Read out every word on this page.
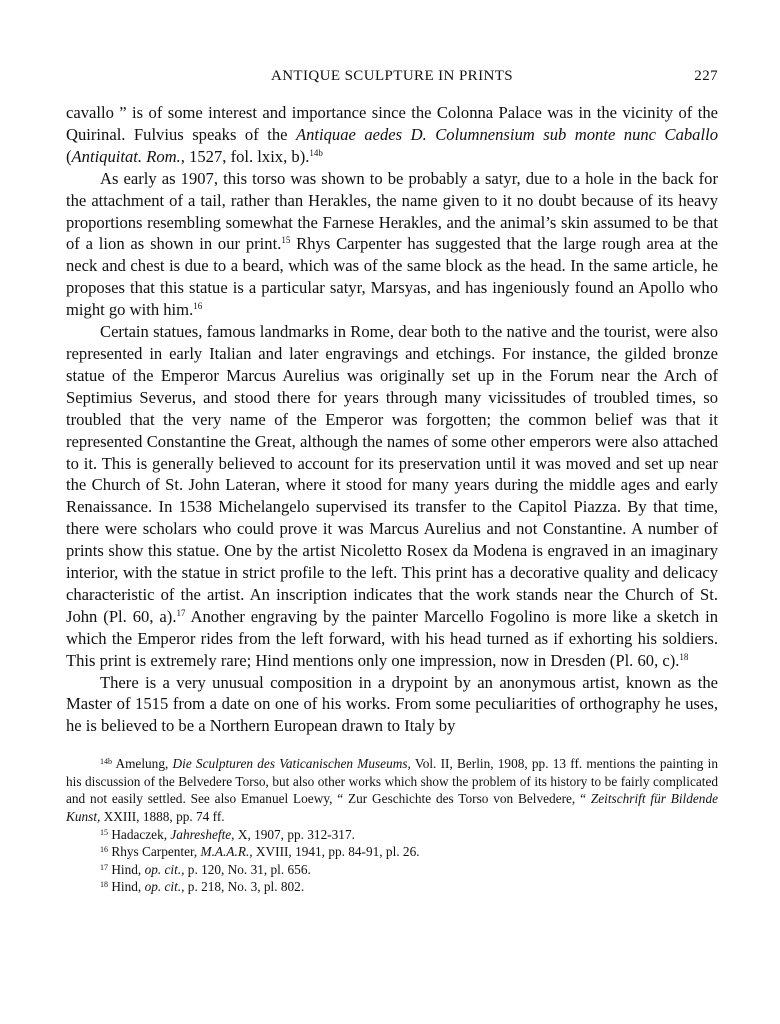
ANTIQUE SCULPTURE IN PRINTS	227

cavallo ” is of some interest and importance since the Colonna Palace was in the vicinity of the Quirinal. Fulvius speaks of the Antiquae aedes D. Columnensium sub monte nunc Caballo (Antiquitat. Rom., 1527, fol. lxix, b).$^{14b}$

As early as 1907, this torso was shown to be probably a satyr, due to a hole in the back for the attachment of a tail, rather than Herakles, the name given to it no doubt because of its heavy proportions resembling somewhat the Farnese Herakles, and the animal’s skin assumed to be that of a lion as shown in our print.$^{15}$ Rhys Carpenter has suggested that the large rough area at the neck and chest is due to a beard, which was of the same block as the head. In the same article, he proposes that this statue is a particular satyr, Marsyas, and has ingeniously found an Apollo who might go with him.$^{16}$

Certain statues, famous landmarks in Rome, dear both to the native and the tourist, were also represented in early Italian and later engravings and etchings. For instance, the gilded bronze statue of the Emperor Marcus Aurelius was originally set up in the Forum near the Arch of Septimius Severus, and stood there for years through many vicissitudes of troubled times, so troubled that the very name of the Emperor was forgotten; the common belief was that it represented Constantine the Great, although the names of some other emperors were also attached to it. This is generally believed to account for its preservation until it was moved and set up near the Church of St. John Lateran, where it stood for many years during the middle ages and early Renaissance. In 1538 Michelangelo supervised its transfer to the Capitol Piazza. By that time, there were scholars who could prove it was Marcus Aurelius and not Constantine. A number of prints show this statue. One by the artist Nicoletto Rosex da Modena is engraved in an imaginary interior, with the statue in strict profile to the left. This print has a decorative quality and delicacy characteristic of the artist. An inscription indicates that the work stands near the Church of St. John (Pl. 60, a).$^{17}$ Another engraving by the painter Marcello Fogolino is more like a sketch in which the Emperor rides from the left forward, with his head turned as if exhorting his soldiers. This print is extremely rare; Hind mentions only one impression, now in Dresden (Pl. 60, c).$^{18}$

There is a very unusual composition in a drypoint by an anonymous artist, known as the Master of 1515 from a date on one of his works. From some peculiarities of orthography he uses, he is believed to be a Northern European drawn to Italy by

$^{14b}$ Amelung, Die Sculpturen des Vaticanischen Museums, Vol. II, Berlin, 1908, pp. 13 ff. mentions the painting in his discussion of the Belvedere Torso, but also other works which show the problem of its history to be fairly complicated and not easily settled. See also Emanuel Loewy, “ Zur Geschichte des Torso von Belvedere, “ Zeitschrift für Bildende Kunst, XXIII, 1888, pp. 74 ff.

$^{15}$ Hadaczek, Jahreshefte, X, 1907, pp. 312-317.

$^{16}$ Rhys Carpenter, M.A.A.R., XVIII, 1941, pp. 84-91, pl. 26.

$^{17}$ Hind, op. cit., p. 120, No. 31, pl. 656.

$^{18}$ Hind, op. cit., p. 218, No. 3, pl. 802.
